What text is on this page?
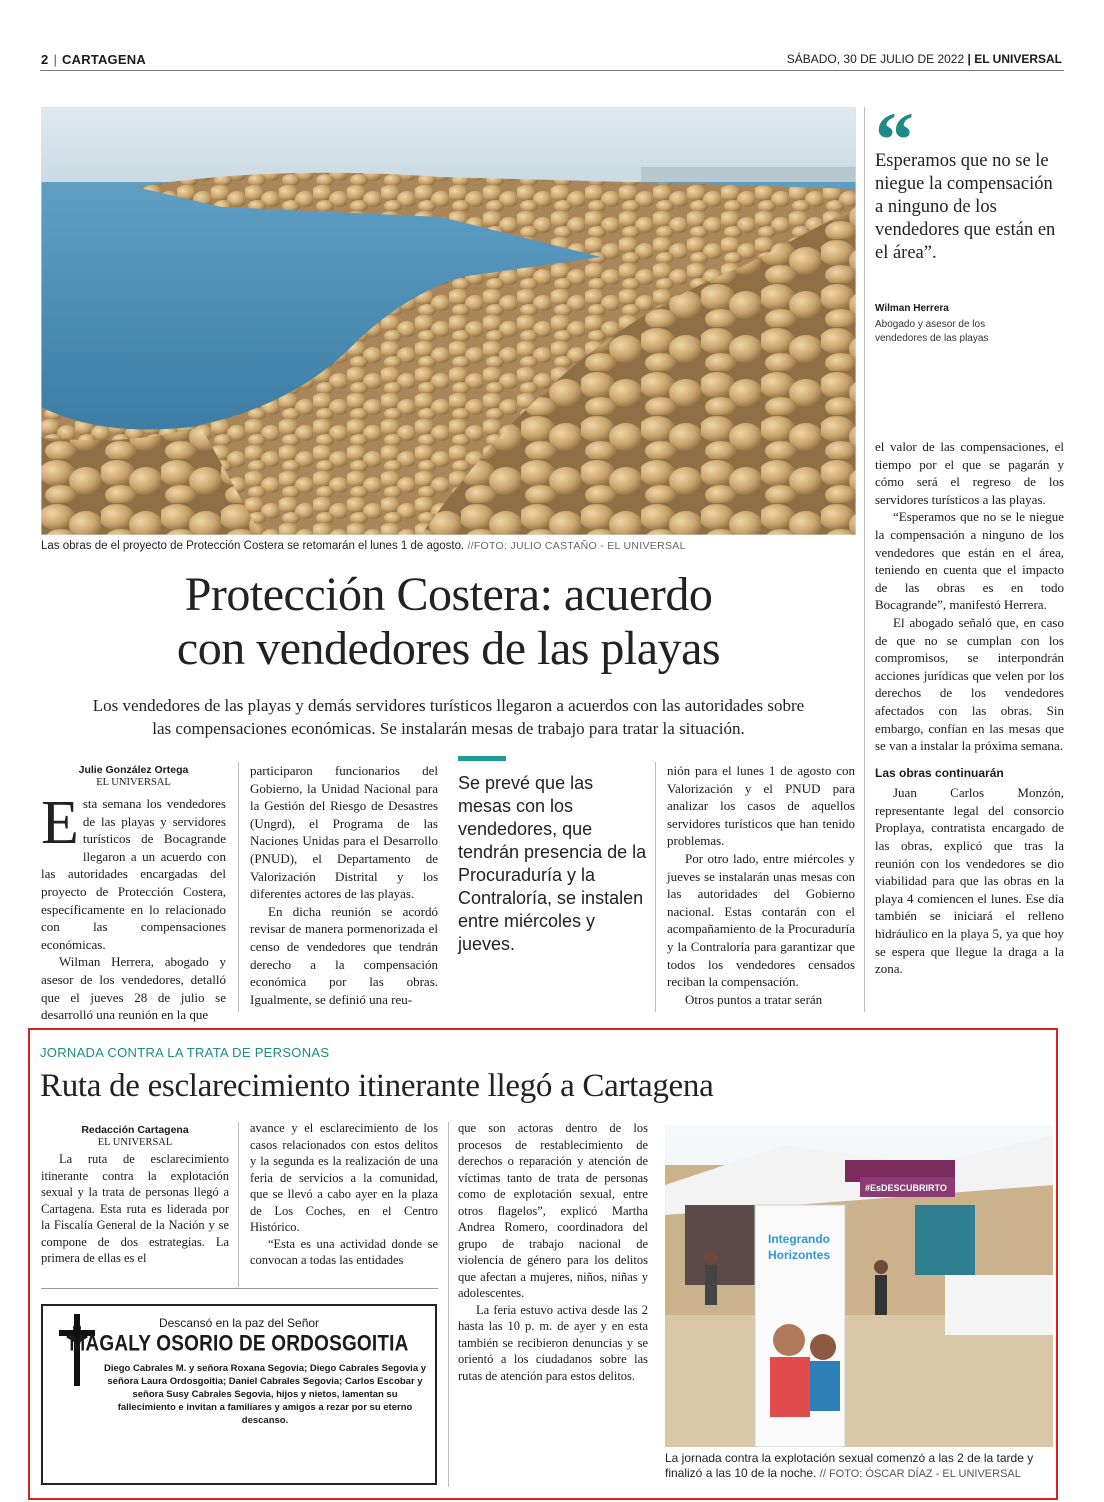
2 | CARTAGENA	SÁBADO, 30 DE JULIO DE 2022 | EL UNIVERSAL
Las obras de el proyecto de Protección Costera se retomarán el lunes 1 de agosto. //FOTO: JULIO CASTAÑO - EL UNIVERSAL
Protección Costera: acuerdo
con vendedores de las playas
Los vendedores de las playas y demás servidores turísticos llegaron a acuerdos con las autoridades sobre
las compensaciones económicas. Se instalarán mesas de trabajo para tratar la situación.
“
Esperamos que no se le niegue la compensación a ninguno de los vendedores que están en el área”.
Wilman Herrera
Abogado y asesor de los vendedores de las playas
Julie González Ortega
EL UNIVERSAL

Esta semana los vendedores de las playas y servidores turísticos de Bocagrande llegaron a un acuerdo con las autoridades encargadas del proyecto de Protección Costera, específicamente en lo relacionado con las compensaciones económicas.

Wilman Herrera, abogado y asesor de los vendedores, detalló que el jueves 28 de julio se desarrolló una reunión en la que

participaron funcionarios del Gobierno, la Unidad Nacional para la Gestión del Riesgo de Desastres (Ungrd), el Programa de las Naciones Unidas para el Desarrollo (PNUD), el Departamento de Valorización Distrital y los diferentes actores de las playas.

En dicha reunión se acordó revisar de manera pormenorizada el censo de vendedores que tendrán derecho a la compensación económica por las obras. Igualmente, se definió una reu-

Se prevé que las mesas con los vendedores, que tendrán presencia de la Procuraduría y la Contraloría, se instalen entre miércoles y jueves.

nión para el lunes 1 de agosto con Valorización y el PNUD para analizar los casos de aquellos servidores turísticos que han tenido problemas.

Por otro lado, entre miércoles y jueves se instalarán unas mesas con las autoridades del Gobierno nacional. Estas contarán con el acompañamiento de la Procuraduría y la Contraloría para garantizar que todos los vendedores censados reciban la compensación.

Otros puntos a tratar serán

el valor de las compensaciones, el tiempo por el que se pagarán y cómo será el regreso de los servidores turísticos a las playas.

“Esperamos que no se le niegue la compensación a ninguno de los vendedores que están en el área, teniendo en cuenta que el impacto de las obras es en todo Bocagrande”, manifestó Herrera.

El abogado señaló que, en caso de que no se cumplan con los compromisos, se interpondrán acciones jurídicas que velen por los derechos de los vendedores afectados con las obras. Sin embargo, confían en las mesas que se van a instalar la próxima semana.

Las obras continuarán

Juan Carlos Monzón, representante legal del consorcio Proplaya, contratista encargado de las obras, explicó que tras la reunión con los vendedores se dio viabilidad para que las obras en la playa 4 comiencen el lunes. Ese día también se iniciará el relleno hidráulico en la playa 5, ya que hoy se espera que llegue la draga a la zona.

JORNADA CONTRA LA TRATA DE PERSONAS
Ruta de esclarecimiento itinerante llegó a Cartagena
Redacción Cartagena
EL UNIVERSAL

La ruta de esclarecimiento itinerante contra la explotación sexual y la trata de personas llegó a Cartagena. Esta ruta es liderada por la Fiscalía General de la Nación y se compone de dos estrategias. La primera de ellas es el

avance y el esclarecimiento de los casos relacionados con estos delitos y la segunda es la realización de una feria de servicios a la comunidad, que se llevó a cabo ayer en la plaza de Los Coches, en el Centro Histórico.

“Esta es una actividad donde se convocan a todas las entidades

que son actoras dentro de los procesos de restablecimiento de derechos o reparación y atención de víctimas tanto de trata de personas como de explotación sexual, entre otros flagelos”, explicó Martha Andrea Romero, coordinadora del grupo de trabajo nacional de violencia de género para los delitos que afectan a mujeres, niños, niñas y adolescentes.

La feria estuvo activa desde las 2 hasta las 10 p. m. de ayer y en esta también se recibieron denuncias y se orientó a los ciudadanos sobre las rutas de atención para estos delitos.

#EsDESCUBRIRTO
Integrando
Horizontes
La jornada contra la explotación sexual comenzó a las 2 de la tarde y finalizó a las 10 de la noche. // FOTO: ÓSCAR DÍAZ - EL UNIVERSAL
Descansó en la paz del Señor
MAGALY OSORIO DE ORDOSGOITIA
Diego Cabrales M. y señora Roxana Segovia; Diego Cabrales Segovia y señora Laura Ordosgoitia; Daniel Cabrales Segovia; Carlos Escobar y señora Susy Cabrales Segovia, hijos y nietos, lamentan su fallecimiento e invitan a familiares y amigos a rezar por su eterno descanso.
